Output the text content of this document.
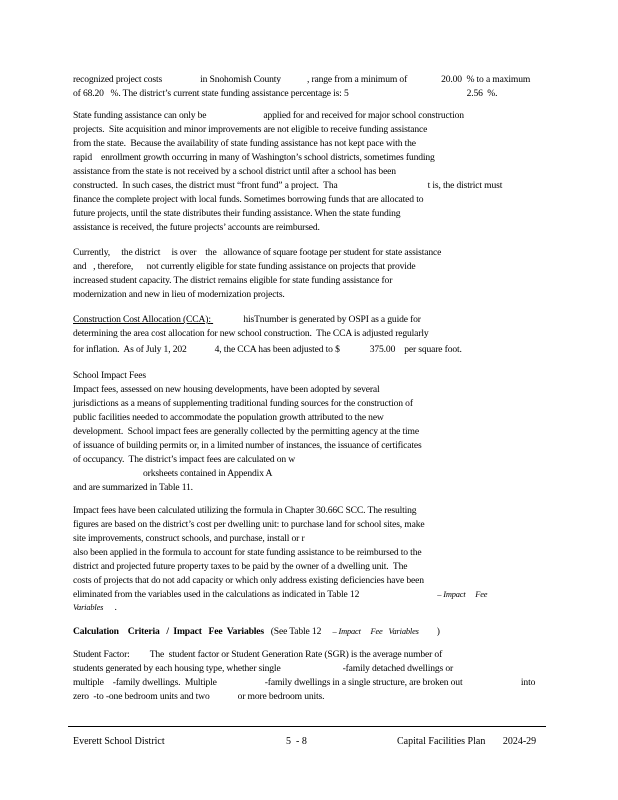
recognized project costs	in Snohomish County	, range from a minimum of	20.00  % to a maximum
of 68.20   %. The district’s current state funding assistance percentage is: 5	2.56  %.
State funding assistance can only be	applied for and received for major school construction
projects.  Site acquisition and minor improvements are not eligible to receive funding assistance
from the state.  Because the availability of state funding assistance has not kept pace with the
rapid    enrollment growth occurring in many of Washington’s school districts, sometimes funding
assistance from the state is not received by a school district until after a school has been
constructed.  In such cases, the district must “front fund” a project.  Tha	t is, the district must
finance the complete project with local funds. Sometimes borrowing funds that are allocated to
future projects, until the state distributes their funding assistance. When the state funding
assistance is received, the future projects’ accounts are reimbursed.
Currently,     the district     is over    the   allowance of square footage per student for state assistance
and   , therefore,      not currently eligible for state funding assistance on projects that provide
increased student capacity. The district remains eligible for state funding assistance for
modernization and new in lieu of modernization projects.
Construction Cost Allocation (CCA):	hisTnumber is generated by OSPI as a guide for
determining the area cost allocation for new school construction.  The CCA is adjusted regularly
for inflation.  As of July 1, 202	4, the CCA has been adjusted to $	375.00    per square foot.
School Impact Fees
Impact fees, assessed on new housing developments, have been adopted by several
jurisdictions as a means of supplementing traditional funding sources for the construction of
public facilities needed to accommodate the population growth attributed to the new
development.  School impact fees are generally collected by the permitting agency at the time
of issuance of building permits or, in a limited number of instances, the issuance of certificates
of occupancy.  The district’s impact fees are calculated on w
orksheets contained in Appendix A
and are summarized in Table 11.
Impact fees have been calculated utilizing the formula in Chapter 30.66C SCC. The resulting
figures are based on the district’s cost per dwelling unit: to purchase land for school sites, make
site improvements, construct schools, and purchase, install or r
also been applied in the formula to account for state funding assistance to be reimbursed to the
district and projected future property taxes to be paid by the owner of a dwelling unit.  The
costs of projects that do not add capacity or which only address existing deficiencies have been
eliminated from the variables used in the calculations as indicated in Table 12	– Impact     Fee
Variables     .
Calculation    Criteria   /  Impact   Fee  Variables   (See Table 12     – Impact     Fee   Variables        )
Student Factor:         The  student factor or Student Generation Rate (SGR) is the average number of
students generated by each housing type, whether single	-family detached dwellings or
multiple    -family dwellings.  Multiple	-family dwellings in a single structure, are broken out                          into
zero  -to -one bedroom units and two	or more bedroom units.
Everett School District	5  - 8	Capital Facilities Plan       2024-29
